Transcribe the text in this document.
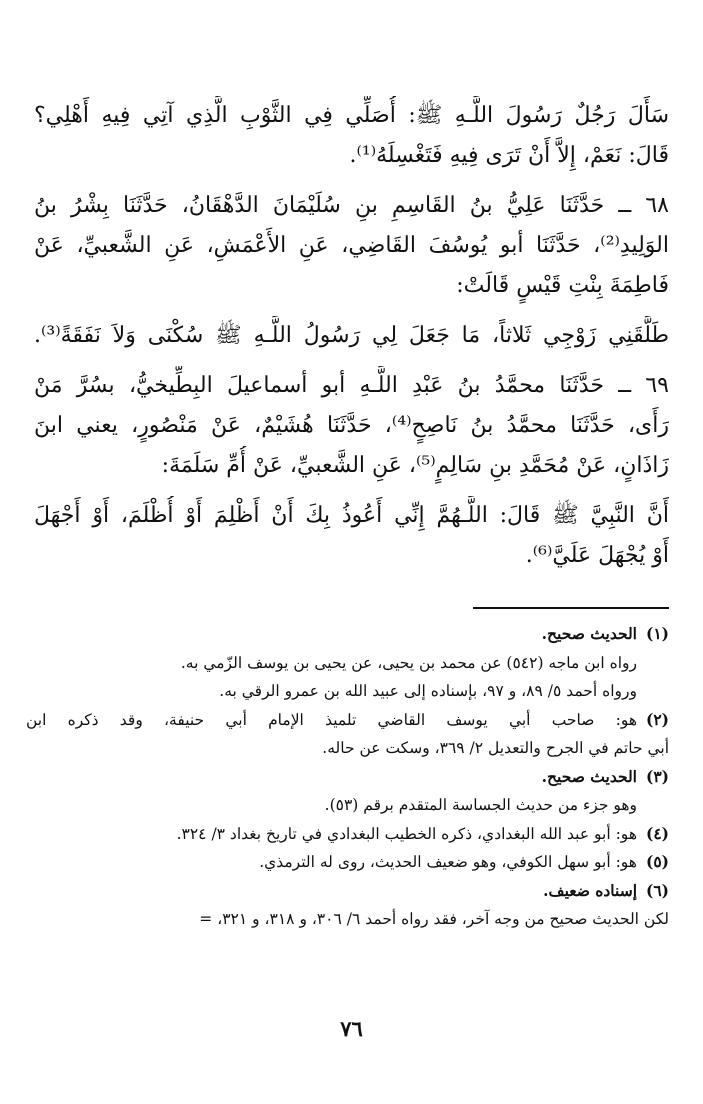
سَأَلَ رَجُلٌ رَسُولَ اللَّـهِ ﷺ: أُصَلِّي فِي الثَّوْبِ الَّذِي آتِي فِيهِ أَهْلِي؟
قَالَ: نَعَمْ، إِلاَّ أَنْ تَرَى فِيهِ فَتَغْسِلَهُ⁽¹⁾.
٦٨ ــ حَدَّثَنَا عَلِيُّ بنُ القَاسِمِ بنِ سُلَيْمَانَ الدَّهْقَانُ، حَدَّثَنَا بِشْرُ بنُ
الوَلِيدِ⁽²⁾، حَدَّثَنَا أبو يُوسُفَ القَاضِي، عَنِ الأَعْمَشِ، عَنِ الشَّعبيِّ، عَنْ
فَاطِمَةَ بِنْتِ قَيْسٍ قَالَتْ:
طَلَّقَنِي زَوْجِي ثَلاثاً، مَا جَعَلَ لِي رَسُولُ اللَّـهِ ﷺ سُكْنَى وَلاَ نَفَقَةً⁽³⁾.
٦٩ ــ حَدَّثَنَا محمَّدُ بنُ عَبْدِ اللَّـهِ أبو أسماعيلَ البِطِّيخيُّ، بسُرَّ مَنْ
رَأَى، حَدَّثَنَا محمَّدُ بنُ نَاصِحٍ⁽⁴⁾، حَدَّثَنَا هُشَيْمٌ، عَنْ مَنْصُورٍ، يعني ابنَ
زَاذَانٍ، عَنْ مُحَمَّدِ بنِ سَالِمٍ⁽⁵⁾، عَنِ الشَّعبيِّ، عَنْ أُمِّ سَلَمَةَ:
أَنَّ النَّبِيَّ ﷺ قَالَ: اللَّـهُمَّ إِنِّي أَعُوذُ بِكَ أَنْ أَظْلِمَ أَوْ أُظْلَمَ، أَوْ أَجْهَلَ
أَوْ يُجْهَلَ عَلَيَّ⁽⁶⁾.
(١)
الحديث صحيح.
رواه ابن ماجه (٥٤٢) عن محمد بن يحيى، عن يحيى بن يوسف الزّمي به.
ورواه أحمد ٥/ ٨٩، و ٩٧، بإسناده إلى عبيد الله بن عمرو الرقي به.
(٢)
هو: صاحب أبي يوسف القاضي تلميذ الإمام أبي حنيفة، وقد ذكره ابن
أبي حاتم في الجرح والتعديل ٢/ ٣٦٩، وسكت عن حاله.
(٣)
الحديث صحيح.
وهو جزء من حديث الجساسة المتقدم برقم (٥٣).
(٤)
هو: أبو عبد الله البغدادي، ذكره الخطيب البغدادي في تاريخ بغداد ٣/ ٣٢٤.
(٥)
هو: أبو سهل الكوفي، وهو ضعيف الحديث، روى له الترمذي.
(٦)
إسناده ضعيف.
لكن الحديث صحيح من وجه آخر، فقد رواه أحمد ٦/ ٣٠٦، و ٣١٨، و ٣٢١، =
٧٦
